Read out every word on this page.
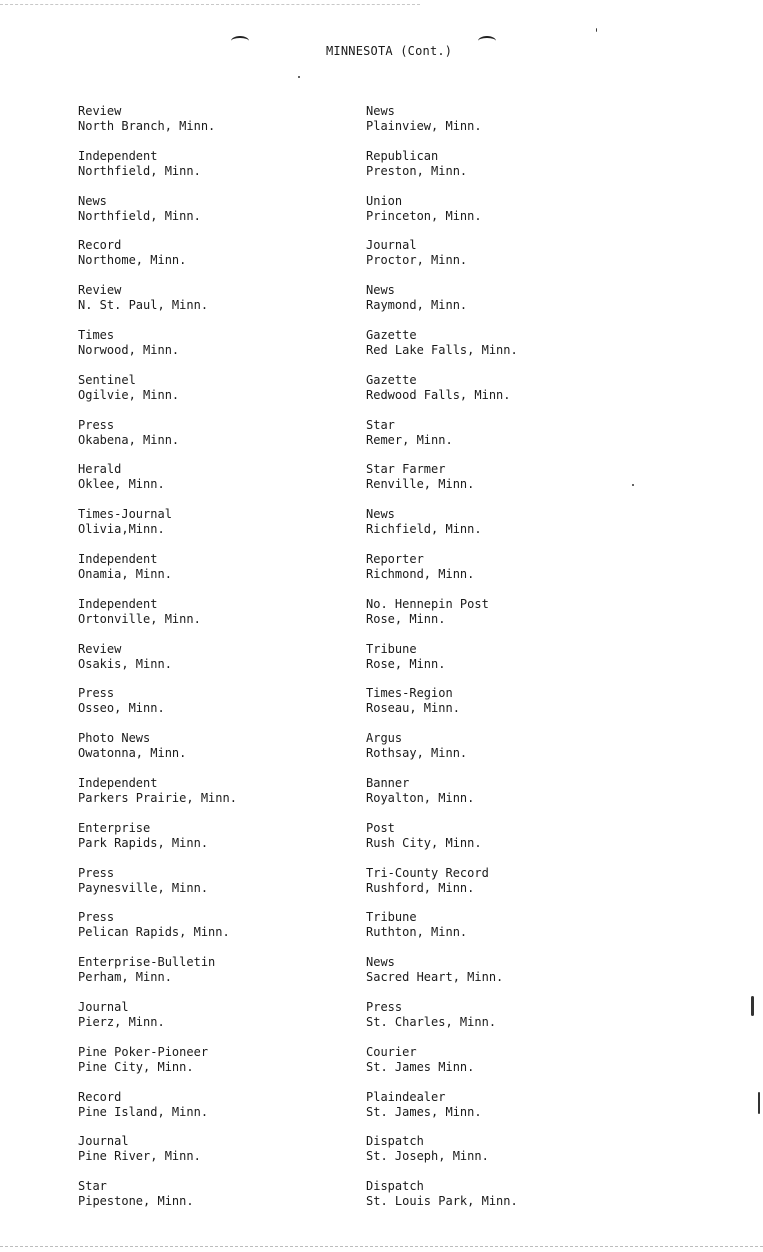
MINNESOTA (Cont.)
Review
North Branch, Minn.
Independent
Northfield, Minn.
News
Northfield, Minn.
Record
Northome, Minn.
Review
N. St. Paul, Minn.
Times
Norwood, Minn.
Sentinel
Ogilvie, Minn.
Press
Okabena, Minn.
Herald
Oklee, Minn.
Times-Journal
Olivia,Minn.
Independent
Onamia, Minn.
Independent
Ortonville, Minn.
Review
Osakis, Minn.
Press
Osseo, Minn.
Photo News
Owatonna, Minn.
Independent
Parkers Prairie, Minn.
Enterprise
Park Rapids, Minn.
Press
Paynesville, Minn.
Press
Pelican Rapids, Minn.
Enterprise-Bulletin
Perham, Minn.
Journal
Pierz, Minn.
Pine Poker-Pioneer
Pine City, Minn.
Record
Pine Island, Minn.
Journal
Pine River, Minn.
Star
Pipestone, Minn.
News
Plainview, Minn.
Republican
Preston, Minn.
Union
Princeton, Minn.
Journal
Proctor, Minn.
News
Raymond, Minn.
Gazette
Red Lake Falls, Minn.
Gazette
Redwood Falls, Minn.
Star
Remer, Minn.
Star Farmer
Renville, Minn.
News
Richfield, Minn.
Reporter
Richmond, Minn.
No. Hennepin Post
Rose, Minn.
Tribune
Rose, Minn.
Times-Region
Roseau, Minn.
Argus
Rothsay, Minn.
Banner
Royalton, Minn.
Post
Rush City, Minn.
Tri-County Record
Rushford, Minn.
Tribune
Ruthton, Minn.
News
Sacred Heart, Minn.
Press
St. Charles, Minn.
Courier
St. James Minn.
Plaindealer
St. James, Minn.
Dispatch
St. Joseph, Minn.
Dispatch
St. Louis Park, Minn.
